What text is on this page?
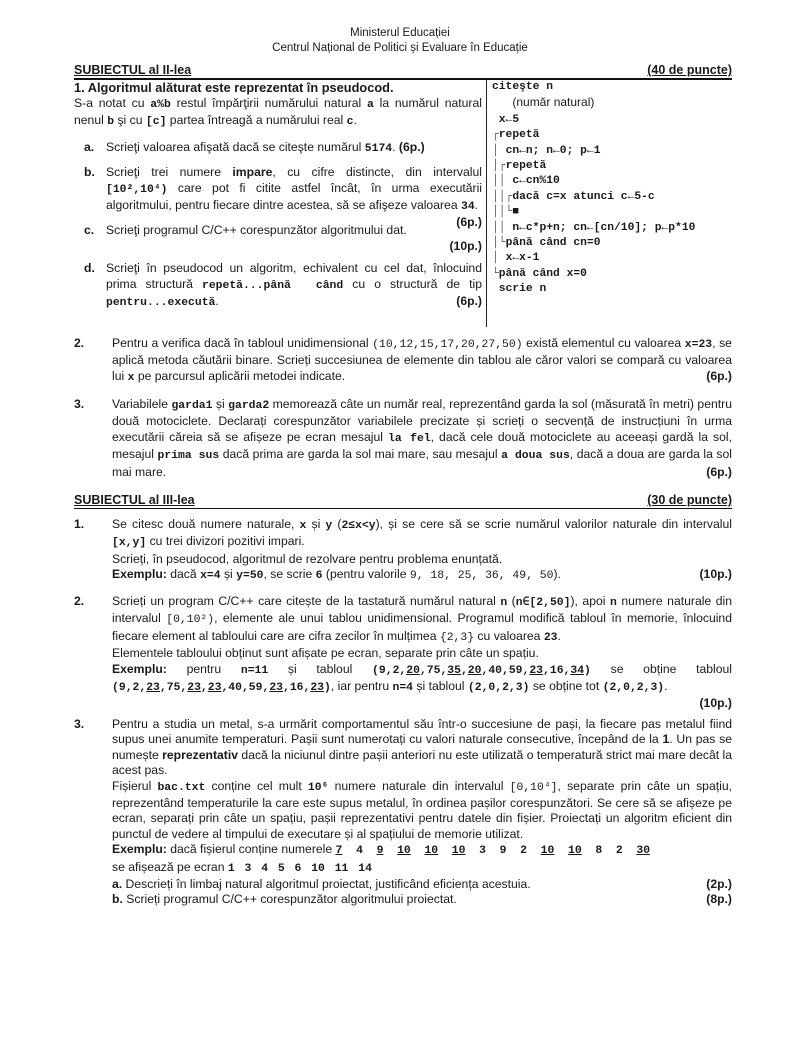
Ministerul Educației
Centrul Național de Politici și Evaluare în Educație
SUBIECTUL al II-lea	(40 de puncte)
1. Algoritmul alăturat este reprezentat în pseudocod.
S-a notat cu a%b restul împărţirii numărului natural a la numărul natural nenul b şi cu [c] partea întreagă a numărului real c.
a. Scrieţi valoarea afişată dacă se citeşte numărul 5174. (6p.)
b. Scrieţi trei numere impare, cu cifre distincte, din intervalul [10²,10⁴) care pot fi citite astfel încât, în urma executării algoritmului, pentru fiecare dintre acestea, să se afişeze valoarea 34.
(6p.)
c. Scrieţi programul C/C++ corespunzător algoritmului dat.
(10p.)
d. Scrieţi în pseudocod un algoritm, echivalent cu cel dat, înlocuind prima structură repetă...până  când cu o structură de tip pentru...execută.	(6p.)
citeşte n
(număr natural)
x←5
┌repetă
│ cn←n; n←0; p←1
│┌repetă
││ c←cn%10
││┌dacă c=x atunci c←5-c
││└■
││ n←c*p+n; cn←[cn/10]; p←p*10
│└până când cn=0
│ x←x-1
└până când x=0
scrie n
2. Pentru a verifica dacă în tabloul unidimensional (10,12,15,17,20,27,50) există elementul cu valoarea x=23, se aplică metoda căutării binare. Scrieți succesiunea de elemente din tablou ale căror valori se compară cu valoarea lui x pe parcursul aplicării metodei indicate.	(6p.)
3. Variabilele garda1 și garda2 memorează câte un număr real, reprezentând garda la sol (măsurată în metri) pentru două motociclete. Declarați corespunzător variabilele precizate și scrieți o secvență de instrucțiuni în urma executării căreia să se afișeze pe ecran mesajul la fel, dacă cele două motociclete au aceeași gardă la sol, mesajul prima sus dacă prima are garda la sol mai mare, sau mesajul a doua sus, dacă a doua are garda la sol mai mare.	(6p.)
SUBIECTUL al III-lea	(30 de puncte)
1. Se citesc două numere naturale, x și y (2≤x<y), și se cere să se scrie numărul valorilor naturale din intervalul [x,y] cu trei divizori pozitivi impari.
Scrieți, în pseudocod, algoritmul de rezolvare pentru problema enunțată.
Exemplu: dacă x=4 și y=50, se scrie 6 (pentru valorile 9, 18, 25, 36, 49, 50).	(10p.)
2. Scrieți un program C/C++ care citește de la tastatură numărul natural n (n∈[2,50]), apoi n numere naturale din intervalul [0,10²), elemente ale unui tablou unidimensional. Programul modifică tabloul în memorie, înlocuind fiecare element al tabloului care are cifra zecilor în mulțimea {2,3} cu valoarea 23.
Elementele tabloului obținut sunt afișate pe ecran, separate prin câte un spațiu.
Exemplu: pentru n=11 și tabloul (9,2,20,75,35,20,40,59,23,16,34) se obține tabloul (9,2,23,75,23,23,40,59,23,16,23), iar pentru n=4 și tabloul (2,0,2,3) se obține tot (2,0,2,3).
(10p.)
3. Pentru a studia un metal, s-a urmărit comportamentul său într-o succesiune de pași, la fiecare pas metalul fiind supus unei anumite temperaturi. Pașii sunt numerotați cu valori naturale consecutive, începând de la 1. Un pas se numește reprezentativ dacă la niciunul dintre pașii anteriori nu este utilizată o temperatură strict mai mare decât la acest pas.
Fișierul bac.txt conține cel mult 10⁶ numere naturale din intervalul [0,10⁴], separate prin câte un spațiu, reprezentând temperaturile la care este supus metalul, în ordinea pașilor corespunzători. Se cere să se afișeze pe ecran, separați prin câte un spațiu, pașii reprezentativi pentru datele din fișier. Proiectați un algoritm eficient din punctul de vedere al timpului de executare și al spațiului de memorie utilizat.
Exemplu: dacă fișierul conține numerele 7 4 9 10 10 10 3 9 2 10 10 8 2 30
se afișează pe ecran 1 3 4 5 6 10 11 14
a. Descrieți în limbaj natural algoritmul proiectat, justificând eficiența acestuia.	(2p.)
b. Scrieți programul C/C++ corespunzător algoritmului proiectat.	(8p.)
